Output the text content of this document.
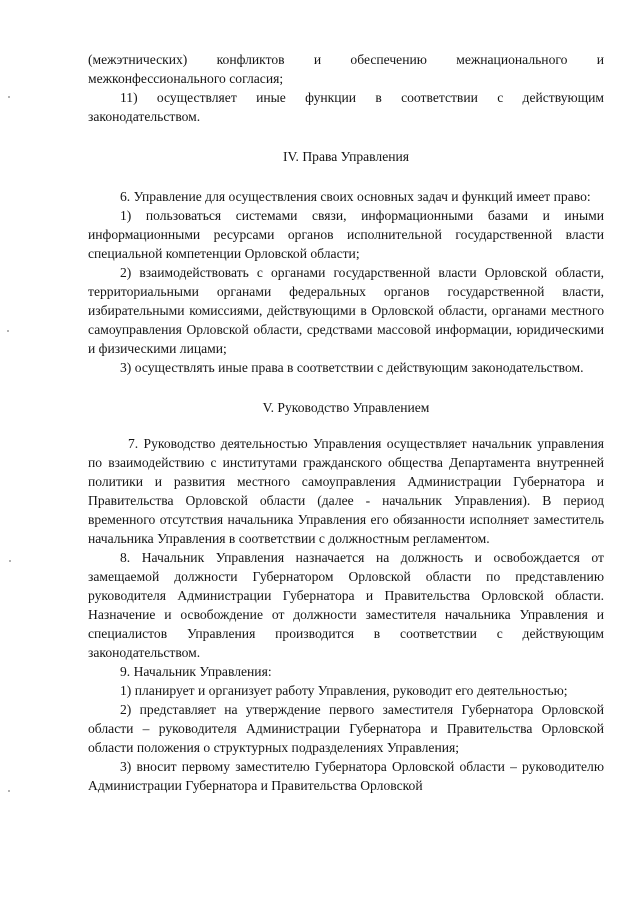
(межэтнических) конфликтов и обеспечению межнационального и межконфессионального согласия;

11) осуществляет иные функции в соответствии с действующим законодательством.

IV. Права Управления

6. Управление для осуществления своих основных задач и функций имеет право:

1) пользоваться системами связи, информационными базами и иными информационными ресурсами органов исполнительной государственной власти специальной компетенции Орловской области;

2) взаимодействовать с органами государственной власти Орловской области, территориальными органами федеральных органов государственной власти, избирательными комиссиями, действующими в Орловской области, органами местного самоуправления Орловской области, средствами массовой информации, юридическими и физическими лицами;

3) осуществлять иные права в соответствии с действующим законодательством.

V. Руководство Управлением

7. Руководство деятельностью Управления осуществляет начальник управления по взаимодействию с институтами гражданского общества Департамента внутренней политики и развития местного самоуправления Администрации Губернатора и Правительства Орловской области (далее - начальник Управления). В период временного отсутствия начальника Управления его обязанности исполняет заместитель начальника Управления в соответствии с должностным регламентом.

8. Начальник Управления назначается на должность и освобождается от замещаемой должности Губернатором Орловской области по представлению руководителя Администрации Губернатора и Правительства Орловской области. Назначение и освобождение от должности заместителя начальника Управления и специалистов Управления производится в соответствии с действующим законодательством.

9. Начальник Управления:

1) планирует и организует работу Управления, руководит его деятельностью;

2) представляет на утверждение первого заместителя Губернатора Орловской области – руководителя Администрации Губернатора и Правительства Орловской области положения о структурных подразделениях Управления;

3) вносит первому заместителю Губернатора Орловской области – руководителю Администрации Губернатора и Правительства Орловской
